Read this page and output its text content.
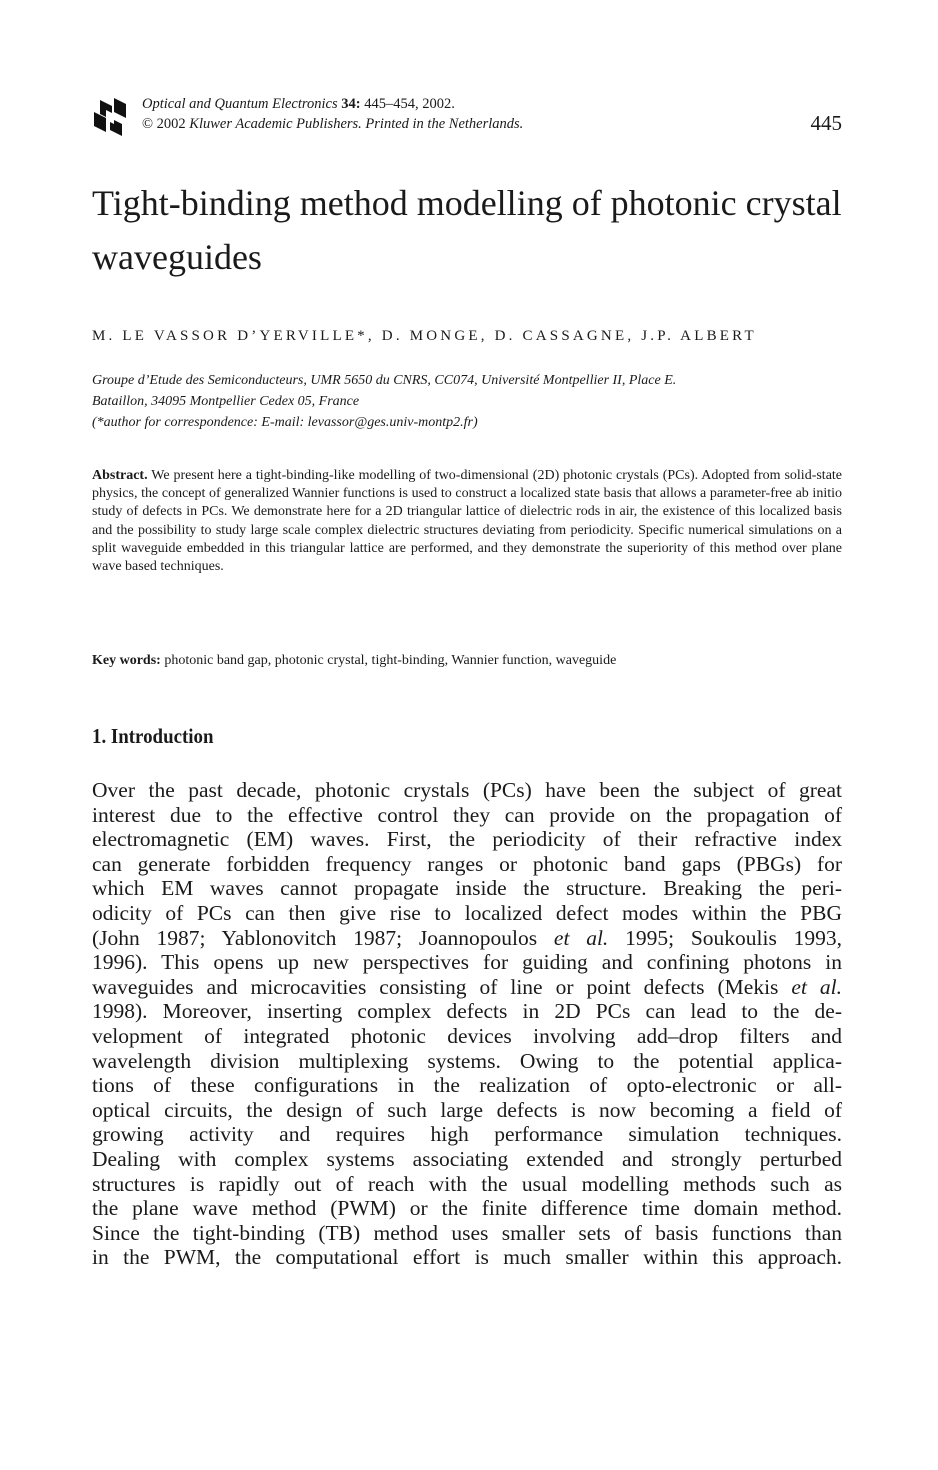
Optical and Quantum Electronics 34: 445–454, 2002.
© 2002 Kluwer Academic Publishers. Printed in the Netherlands.	445
Tight-binding method modelling of photonic crystal waveguides
M. LE VASSOR D’YERVILLE*, D. MONGE, D. CASSAGNE, J.P. ALBERT
Groupe d’Etude des Semiconducteurs, UMR 5650 du CNRS, CC074, Université Montpellier II, Place E.
Bataillon, 34095 Montpellier Cedex 05, France
(*author for correspondence: E-mail: levassor@ges.univ-montp2.fr)
Abstract. We present here a tight-binding-like modelling of two-dimensional (2D) photonic crystals (PCs). Adopted from solid-state physics, the concept of generalized Wannier functions is used to construct a localized state basis that allows a parameter-free ab initio study of defects in PCs. We demonstrate here for a 2D triangular lattice of dielectric rods in air, the existence of this localized basis and the possibility to study large scale complex dielectric structures deviating from periodicity. Specific numerical simulations on a split waveguide embedded in this triangular lattice are performed, and they demonstrate the superiority of this method over plane wave based techniques.
Key words: photonic band gap, photonic crystal, tight-binding, Wannier function, waveguide
1. Introduction
Over the past decade, photonic crystals (PCs) have been the subject of great
interest due to the effective control they can provide on the propagation of
electromagnetic (EM) waves. First, the periodicity of their refractive index
can generate forbidden frequency ranges or photonic band gaps (PBGs) for
which EM waves cannot propagate inside the structure. Breaking the peri-
odicity of PCs can then give rise to localized defect modes within the PBG
(John 1987; Yablonovitch 1987; Joannopoulos et al. 1995; Soukoulis 1993,
1996). This opens up new perspectives for guiding and confining photons in
waveguides and microcavities consisting of line or point defects (Mekis et al.
1998). Moreover, inserting complex defects in 2D PCs can lead to the de-
velopment of integrated photonic devices involving add–drop filters and
wavelength division multiplexing systems. Owing to the potential applica-
tions of these configurations in the realization of opto-electronic or all-
optical circuits, the design of such large defects is now becoming a field of
growing activity and requires high performance simulation techniques.
Dealing with complex systems associating extended and strongly perturbed
structures is rapidly out of reach with the usual modelling methods such as
the plane wave method (PWM) or the finite difference time domain method.
Since the tight-binding (TB) method uses smaller sets of basis functions than
in the PWM, the computational effort is much smaller within this approach.
